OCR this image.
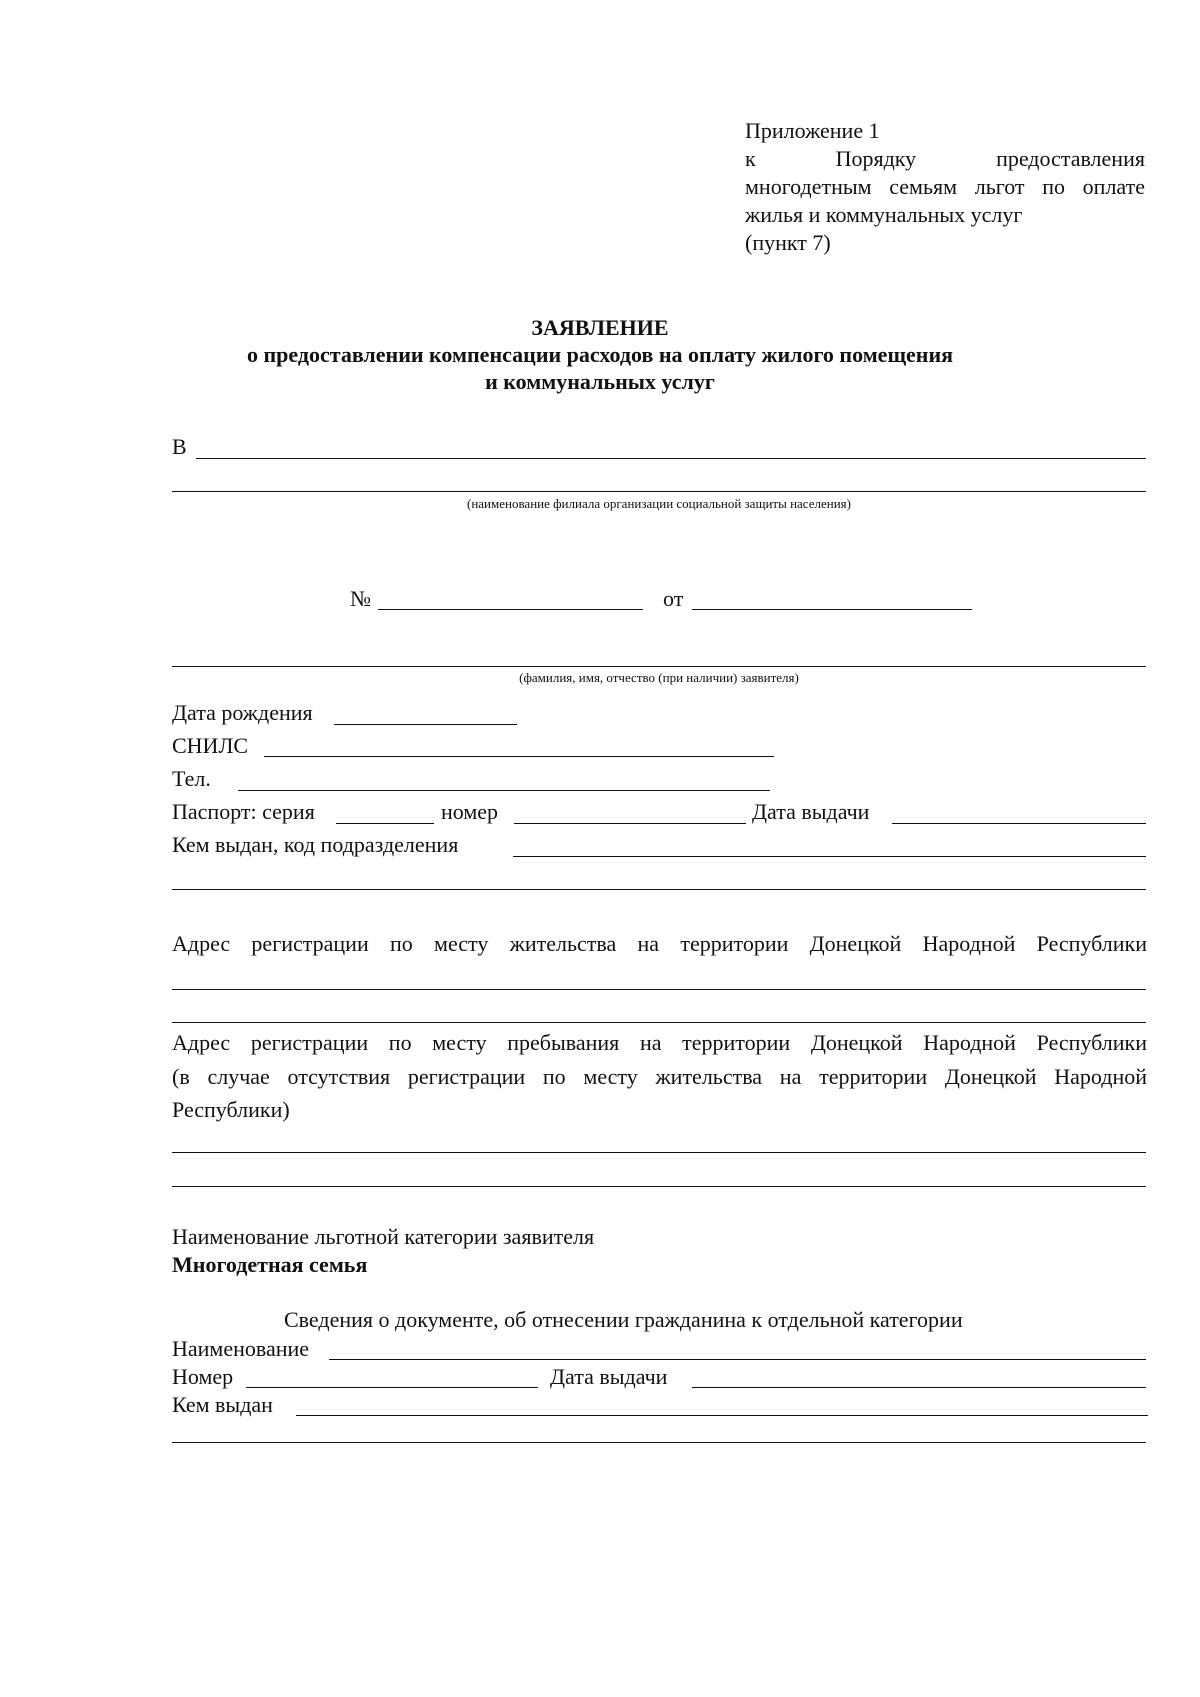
Приложение 1
к	Порядку	предоставления
многодетным семьям льгот по оплате
жилья и коммунальных услуг
(пункт 7)
ЗАЯВЛЕНИЕ
о предоставлении компенсации расходов на оплату жилого помещения
и коммунальных услуг
В
(наименование филиала организации социальной защиты населения)
№	от
(фамилия, имя, отчество (при наличии) заявителя)
Дата рождения
СНИЛС
Тел.
Паспорт: серия	номер	Дата выдачи
Кем выдан, код подразделения
Адрес регистрации по месту жительства на территории Донецкой Народной Республики
Адрес регистрации по месту пребывания на территории Донецкой Народной Республики
(в случае отсутствия регистрации по месту жительства на территории Донецкой Народной
Республики)
Наименование льготной категории заявителя
Многодетная семья
Сведения о документе, об отнесении гражданина к отдельной категории
Наименование
Номер	Дата выдачи
Кем выдан
